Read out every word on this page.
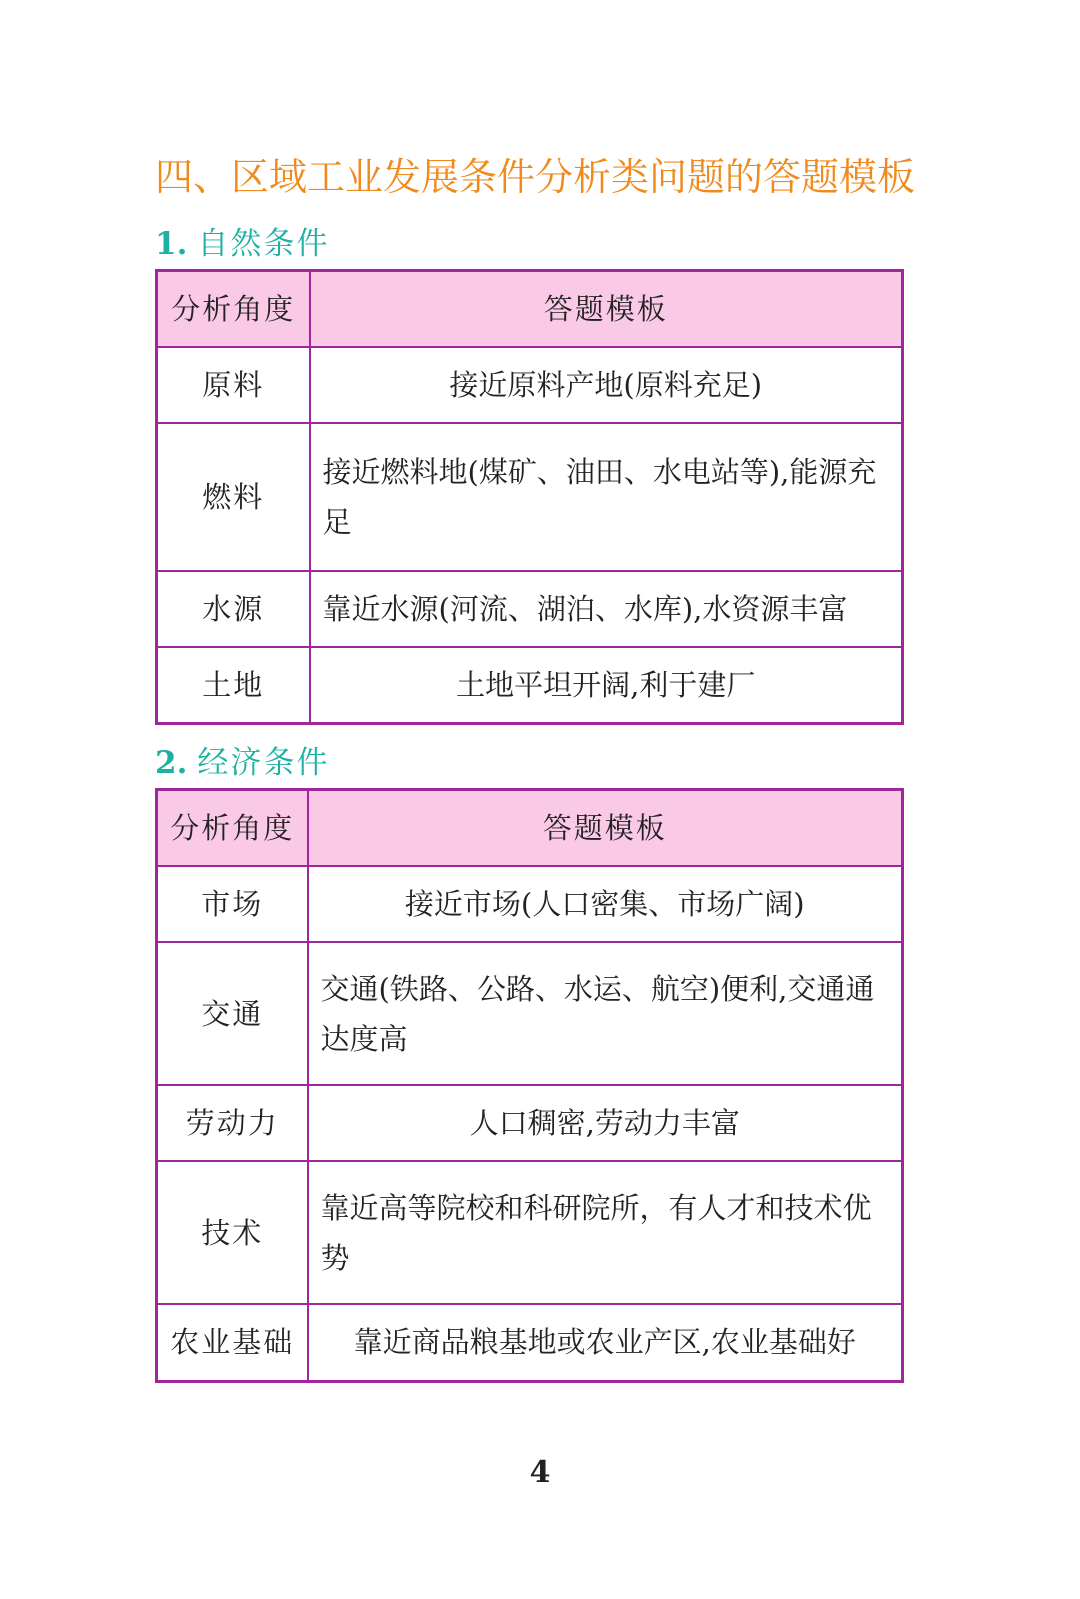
四、区域工业发展条件分析类问题的答题模板
1. 自然条件
分析角度	答题模板
原料	接近原料产地(原料充足)
燃料	接近燃料地(煤矿、油田、水电站等),能源充足
水源	靠近水源(河流、湖泊、水库),水资源丰富
土地	土地平坦开阔,利于建厂
2. 经济条件
分析角度	答题模板
市场	接近市场(人口密集、市场广阔)
交通	交通(铁路、公路、水运、航空)便利,交通通达度高
劳动力	人口稠密,劳动力丰富
技术	靠近高等院校和科研院所，有人才和技术优势
农业基础	靠近商品粮基地或农业产区,农业基础好
4
